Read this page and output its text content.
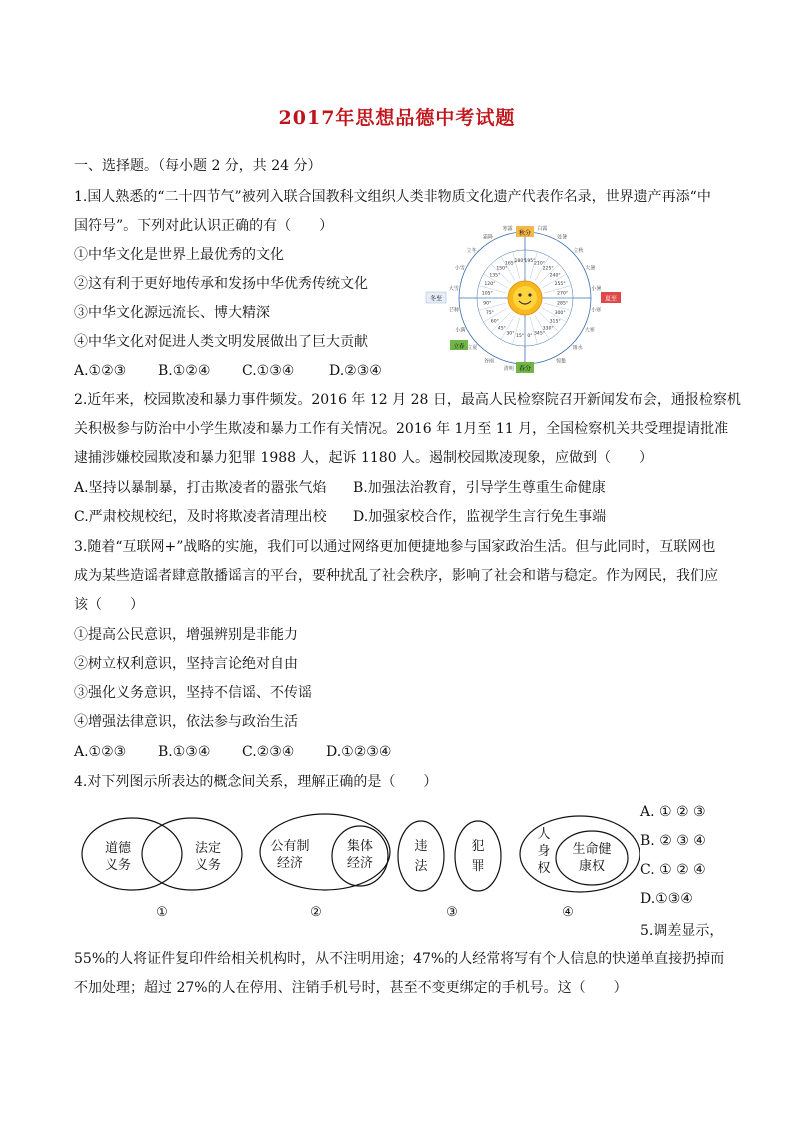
2017年思想品德中考试题
一、选择题。（每小题 2 分，共 24 分）
1.国人熟悉的“二十四节气”被列入联合国教科文组织人类非物质文化遗产代表作名录，世界遗产再添“中
国符号”。下列对此认识正确的有（　　）
①中华文化是世界上最优秀的文化
②这有利于更好地传承和发扬中华优秀传统文化
③中华文化源远流长、博大精深
④中华文化对促进人类文明发展做出了巨大贡献
A.①②③ B.①②④ C.①③④ D.②③④
秋分
夏至
春分
冬至
立春
寒露	白露
霜降	处暑
立冬	立秋
小雪	大暑
大雪	小暑
芒种	小寒
小满	大寒
立夏	雨水
谷雨	惊蛰
清明
180°
195°
165°	210°
150°	225°
135°	240°
120°	255°
105°	270°
90°	285°
75°	300°
60°	315°
45°	330°
30°	345°
15° 0°
2.近年来，校园欺凌和暴力事件频发。2016 年 12 月 28 日，最高人民检察院召开新闻发布会，通报检察机
关积极参与防治中小学生欺凌和暴力工作有关情况。2016 年 1月至 11 月，全国检察机关共受理提请批准
逮捕涉嫌校园欺凌和暴力犯罪 1988 人，起诉 1180 人。遏制校园欺凌现象，应做到（　　）
A.坚持以暴制暴，打击欺凌者的嚣张气焰 B.加强法治教育，引导学生尊重生命健康
C.严肃校规校纪，及时将欺凌者清理出校 D.加强家校合作，监视学生言行免生事端
3.随着“互联网+”战略的实施，我们可以通过网络更加便捷地参与国家政治生活。但与此同时，互联网也
成为某些造谣者肆意散播谣言的平台，要种扰乱了社会秩序，影响了社会和谐与稳定。作为网民，我们应
该（　　）
①提高公民意识，增强辨别是非能力
②树立权利意识，坚持言论绝对自由
③强化义务意识，坚持不信谣、不传谣
④增强法律意识，依法参与政治生活
A.①②③ B.①③④ C.②③④ D.①②③④
4.对下列图示所表达的概念间关系，理解正确的是（　　）
道德
义务
法定
义务
公有制
经济
集体
经济
违
法
犯
罪
人
身
权
生命健
康权
①	②	③	④
A. ① ② ③
B. ② ③ ④
C. ① ② ④
D.①③④
5.调差显示，
55%的人将证件复印件给相关机构时，从不注明用途；47%的人经常将写有个人信息的快递单直接扔掉而
不加处理；超过 27%的人在停用、注销手机号时，甚至不变更绑定的手机号。这（　　）
